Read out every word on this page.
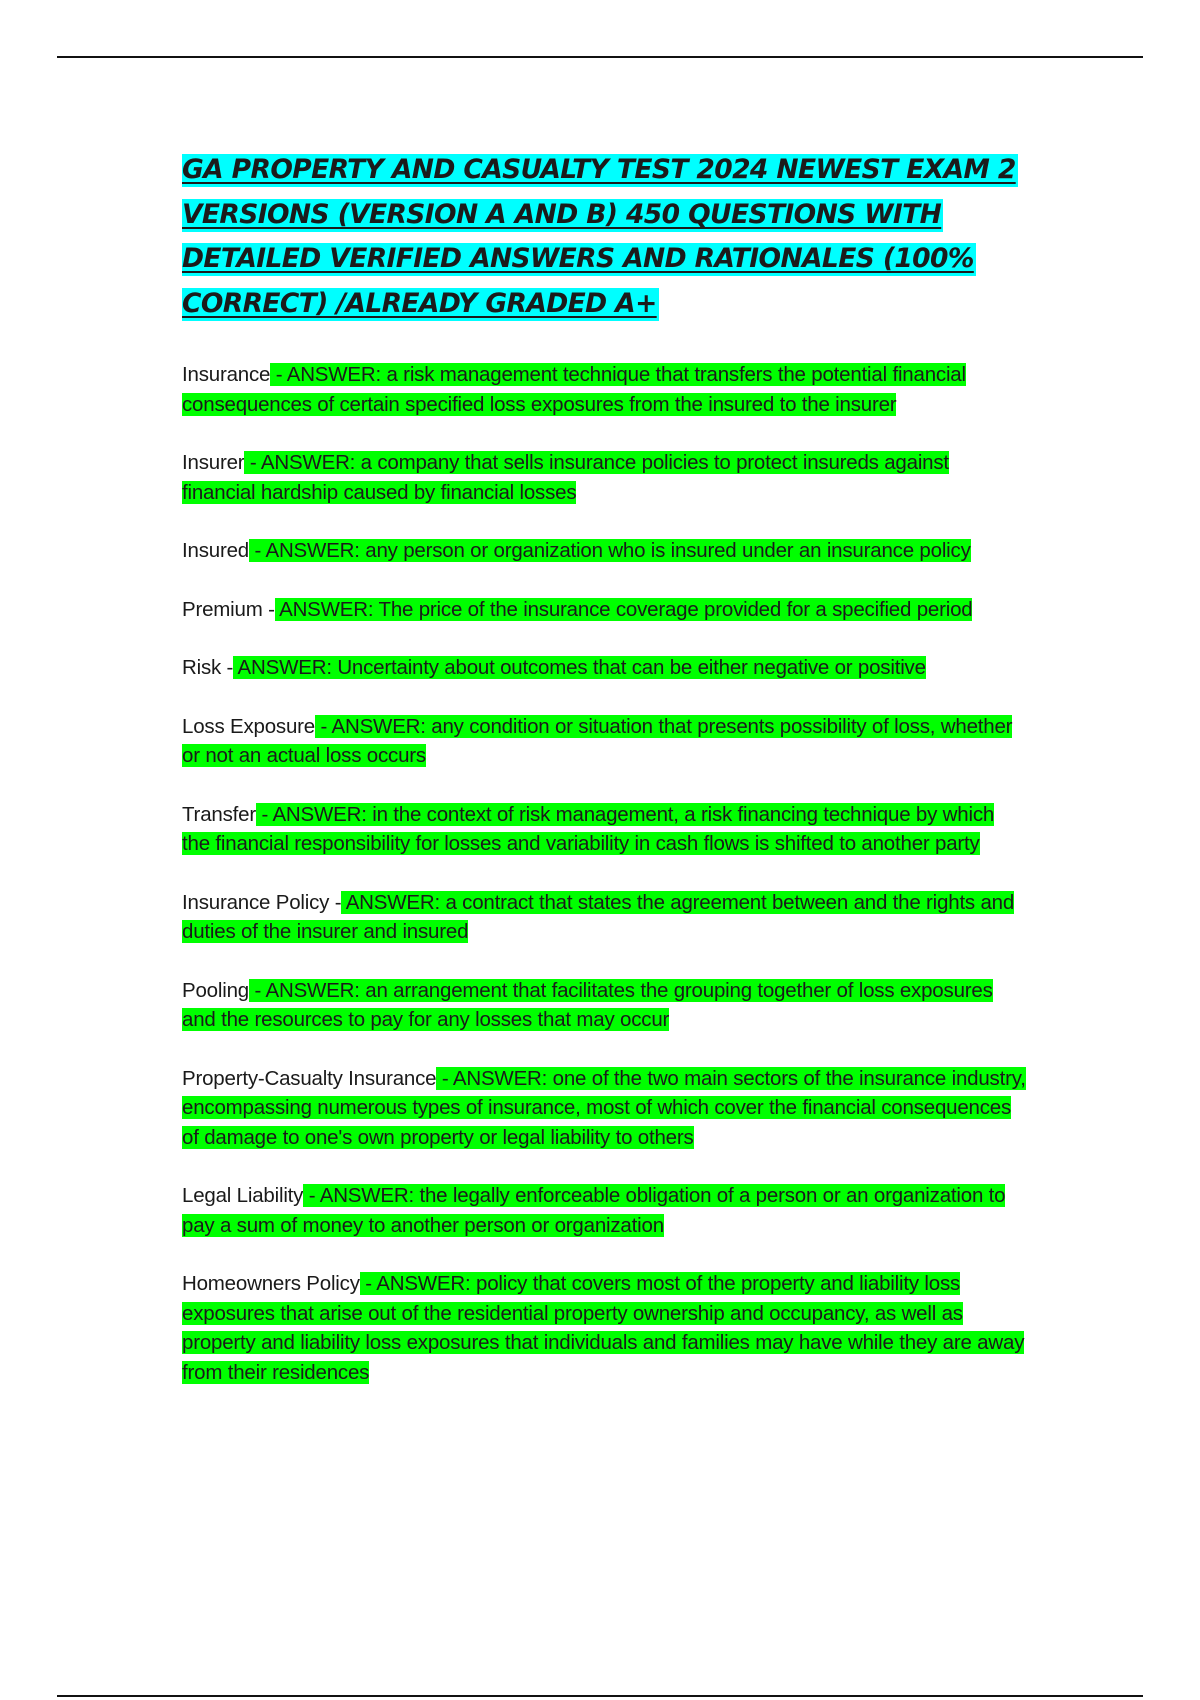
GA PROPERTY AND CASUALTY TEST 2024 NEWEST EXAM 2 VERSIONS (VERSION A AND B) 450 QUESTIONS WITH DETAILED VERIFIED ANSWERS AND RATIONALES (100% CORRECT) /ALREADY GRADED A+
Insurance - ANSWER: a risk management technique that transfers the potential financial consequences of certain specified loss exposures from the insured to the insurer
Insurer - ANSWER: a company that sells insurance policies to protect insureds against financial hardship caused by financial losses
Insured - ANSWER: any person or organization who is insured under an insurance policy
Premium - ANSWER: The price of the insurance coverage provided for a specified period
Risk - ANSWER: Uncertainty about outcomes that can be either negative or positive
Loss Exposure - ANSWER: any condition or situation that presents possibility of loss, whether or not an actual loss occurs
Transfer - ANSWER: in the context of risk management, a risk financing technique by which the financial responsibility for losses and variability in cash flows is shifted to another party
Insurance Policy - ANSWER: a contract that states the agreement between and the rights and duties of the insurer and insured
Pooling - ANSWER: an arrangement that facilitates the grouping together of loss exposures and the resources to pay for any losses that may occur
Property-Casualty Insurance - ANSWER: one of the two main sectors of the insurance industry, encompassing numerous types of insurance, most of which cover the financial consequences of damage to one's own property or legal liability to others
Legal Liability - ANSWER: the legally enforceable obligation of a person or an organization to pay a sum of money to another person or organization
Homeowners Policy - ANSWER: policy that covers most of the property and liability loss exposures that arise out of the residential property ownership and occupancy, as well as property and liability loss exposures that individuals and families may have while they are away from their residences
